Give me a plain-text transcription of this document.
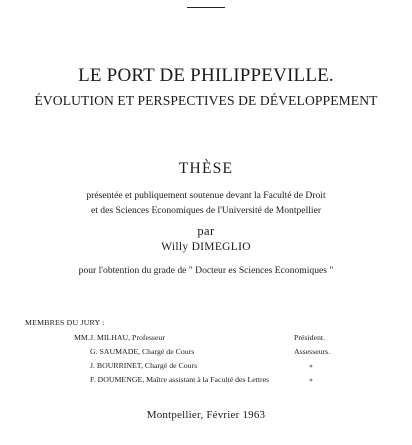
LE PORT DE PHILIPPEVILLE.
ÉVOLUTION ET PERSPECTIVES DE DÉVELOPPEMENT
THÈSE
présentée et publiquement soutenue devant la Faculté de Droit
et des Sciences Economiques de l'Université de Montpellier
par
Willy DIMEGLIO
pour l'obtention du grade de " Docteur es Sciences Economiques "
MEMBRES DU JURY :
MM. J. MILHAU, Professeur	Président.
G. SAUMADE, Chargé de Cours	Assesseurs.
J. BOURRINET, Chargé de Cours	»
F. DOUMENGE, Maître assistant à la Faculté des Lettres	»
Montpellier, Février 1963
